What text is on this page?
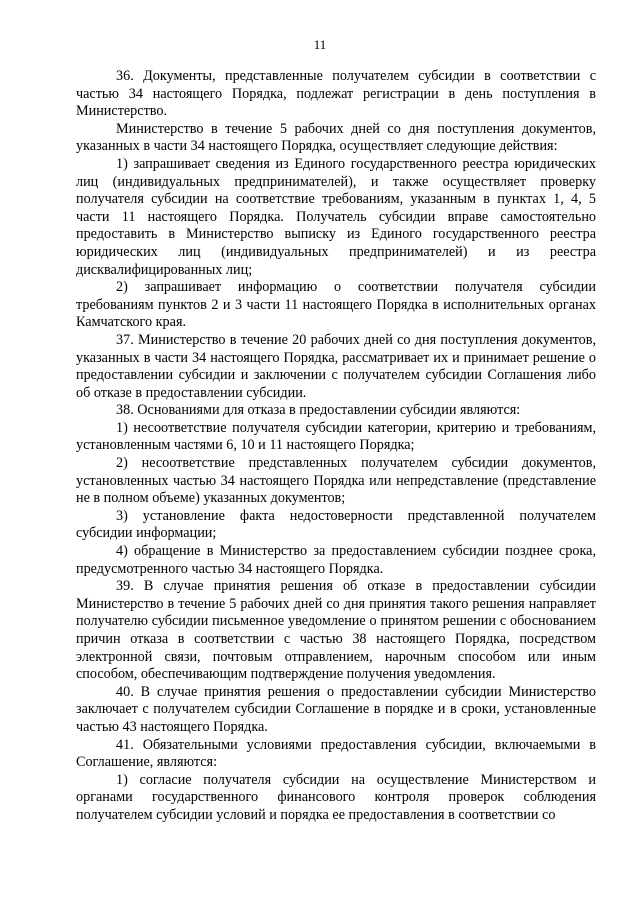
11

36. Документы, представленные получателем субсидии в соответствии с частью 34 настоящего Порядка, подлежат регистрации в день поступления в Министерство.

Министерство в течение 5 рабочих дней со дня поступления документов, указанных в части 34 настоящего Порядка, осуществляет следующие действия:

1) запрашивает сведения из Единого государственного реестра юридических лиц (индивидуальных предпринимателей), и также осуществляет проверку получателя субсидии на соответствие требованиям, указанным в пунктах 1, 4, 5 части 11 настоящего Порядка. Получатель субсидии вправе самостоятельно предоставить в Министерство выписку из Единого государственного реестра юридических лиц (индивидуальных предпринимателей) и из реестра дисквалифицированных лиц;

2) запрашивает информацию о соответствии получателя субсидии требованиям пунктов 2 и 3 части 11 настоящего Порядка в исполнительных органах Камчатского края.

37. Министерство в течение 20 рабочих дней со дня поступления документов, указанных в части 34 настоящего Порядка, рассматривает их и принимает решение о предоставлении субсидии и заключении с получателем субсидии Соглашения либо об отказе в предоставлении субсидии.

38. Основаниями для отказа в предоставлении субсидии являются:

1) несоответствие получателя субсидии категории, критерию и требованиям, установленным частями 6, 10 и 11 настоящего Порядка;

2) несоответствие представленных получателем субсидии документов, установленных частью 34 настоящего Порядка или непредставление (представление не в полном объеме) указанных документов;

3) установление факта недостоверности представленной получателем субсидии информации;

4) обращение в Министерство за предоставлением субсидии позднее срока, предусмотренного частью 34 настоящего Порядка.

39. В случае принятия решения об отказе в предоставлении субсидии Министерство в течение 5 рабочих дней со дня принятия такого решения направляет получателю субсидии письменное уведомление о принятом решении с обоснованием причин отказа в соответствии с частью 38 настоящего Порядка, посредством электронной связи, почтовым отправлением, нарочным способом или иным способом, обеспечивающим подтверждение получения уведомления.

40. В случае принятия решения о предоставлении субсидии Министерство заключает с получателем субсидии Соглашение в порядке и в сроки, установленные частью 43 настоящего Порядка.

41. Обязательными условиями предоставления субсидии, включаемыми в Соглашение, являются:

1) согласие получателя субсидии на осуществление Министерством и органами государственного финансового контроля проверок соблюдения получателем субсидии условий и порядка ее предоставления в соответствии со
